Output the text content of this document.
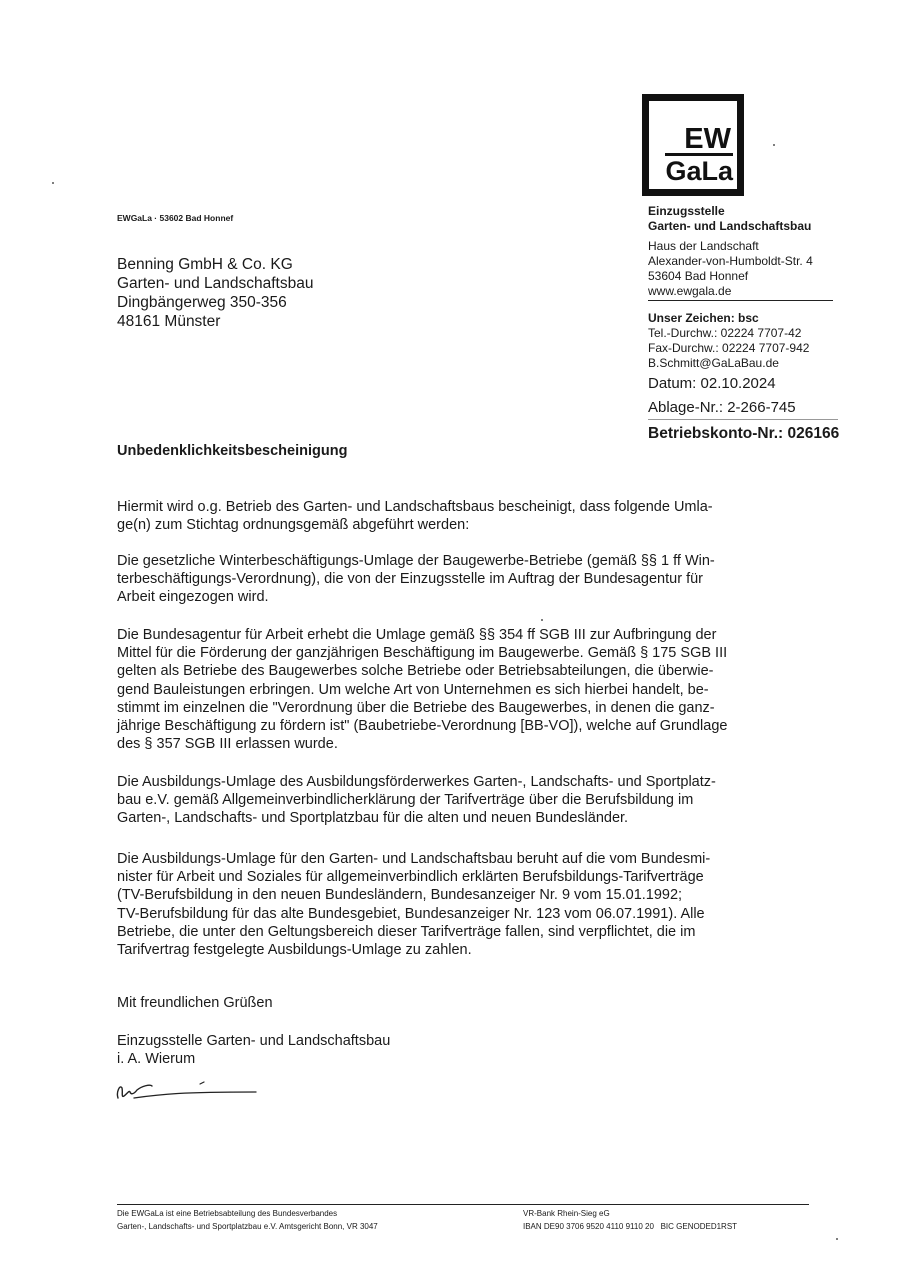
EW
GaLa
EWGaLa · 53602 Bad Honnef
Benning GmbH & Co. KG
Garten- und Landschaftsbau
Dingbängerweg 350-356
48161 Münster
Einzugsstelle
Garten- und Landschaftsbau
Haus der Landschaft
Alexander-von-Humboldt-Str. 4
53604 Bad Honnef
www.ewgala.de
Unser Zeichen: bsc
Tel.-Durchw.: 02224 7707-42
Fax-Durchw.: 02224 7707-942
B.Schmitt@GaLaBau.de
Datum: 02.10.2024
Ablage-Nr.: 2-266-745
Betriebskonto-Nr.: 026166
Unbedenklichkeitsbescheinigung
Hiermit wird o.g. Betrieb des Garten- und Landschaftsbaus bescheinigt, dass folgende Umla-
ge(n) zum Stichtag ordnungsgemäß abgeführt werden:
Die gesetzliche Winterbeschäftigungs-Umlage der Baugewerbe-Betriebe (gemäß §§ 1 ff Win-
terbeschäftigungs-Verordnung), die von der Einzugsstelle im Auftrag der Bundesagentur für
Arbeit eingezogen wird.
Die Bundesagentur für Arbeit erhebt die Umlage gemäß §§ 354 ff SGB III zur Aufbringung der
Mittel für die Förderung der ganzjährigen Beschäftigung im Baugewerbe. Gemäß § 175 SGB III
gelten als Betriebe des Baugewerbes solche Betriebe oder Betriebsabteilungen, die überwie-
gend Bauleistungen erbringen. Um welche Art von Unternehmen es sich hierbei handelt, be-
stimmt im einzelnen die "Verordnung über die Betriebe des Baugewerbes, in denen die ganz-
jährige Beschäftigung zu fördern ist" (Baubetriebe-Verordnung [BB-VO]), welche auf Grundlage
des § 357 SGB III erlassen wurde.
Die Ausbildungs-Umlage des Ausbildungsförderwerkes Garten-, Landschafts- und Sportplatz-
bau e.V. gemäß Allgemeinverbindlicherklärung der Tarifverträge über die Berufsbildung im
Garten-, Landschafts- und Sportplatzbau für die alten und neuen Bundesländer.
Die Ausbildungs-Umlage für den Garten- und Landschaftsbau beruht auf die vom Bundesmi-
nister für Arbeit und Soziales für allgemeinverbindlich erklärten Berufsbildungs-Tarifverträge
(TV-Berufsbildung in den neuen Bundesländern, Bundesanzeiger Nr. 9 vom 15.01.1992;
TV-Berufsbildung für das alte Bundesgebiet, Bundesanzeiger Nr. 123 vom 06.07.1991). Alle
Betriebe, die unter den Geltungsbereich dieser Tarifverträge fallen, sind verpflichtet, die im
Tarifvertrag festgelegte Ausbildungs-Umlage zu zahlen.
Mit freundlichen Grüßen
Einzugsstelle Garten- und Landschaftsbau
i. A. Wierum
Die EWGaLa ist eine Betriebsabteilung des Bundesverbandes
Garten-, Landschafts- und Sportplatzbau e.V. Amtsgericht Bonn, VR 3047
VR-Bank Rhein-Sieg eG
IBAN DE90 3706 9520 4110 9110 20   BIC GENODED1RST
